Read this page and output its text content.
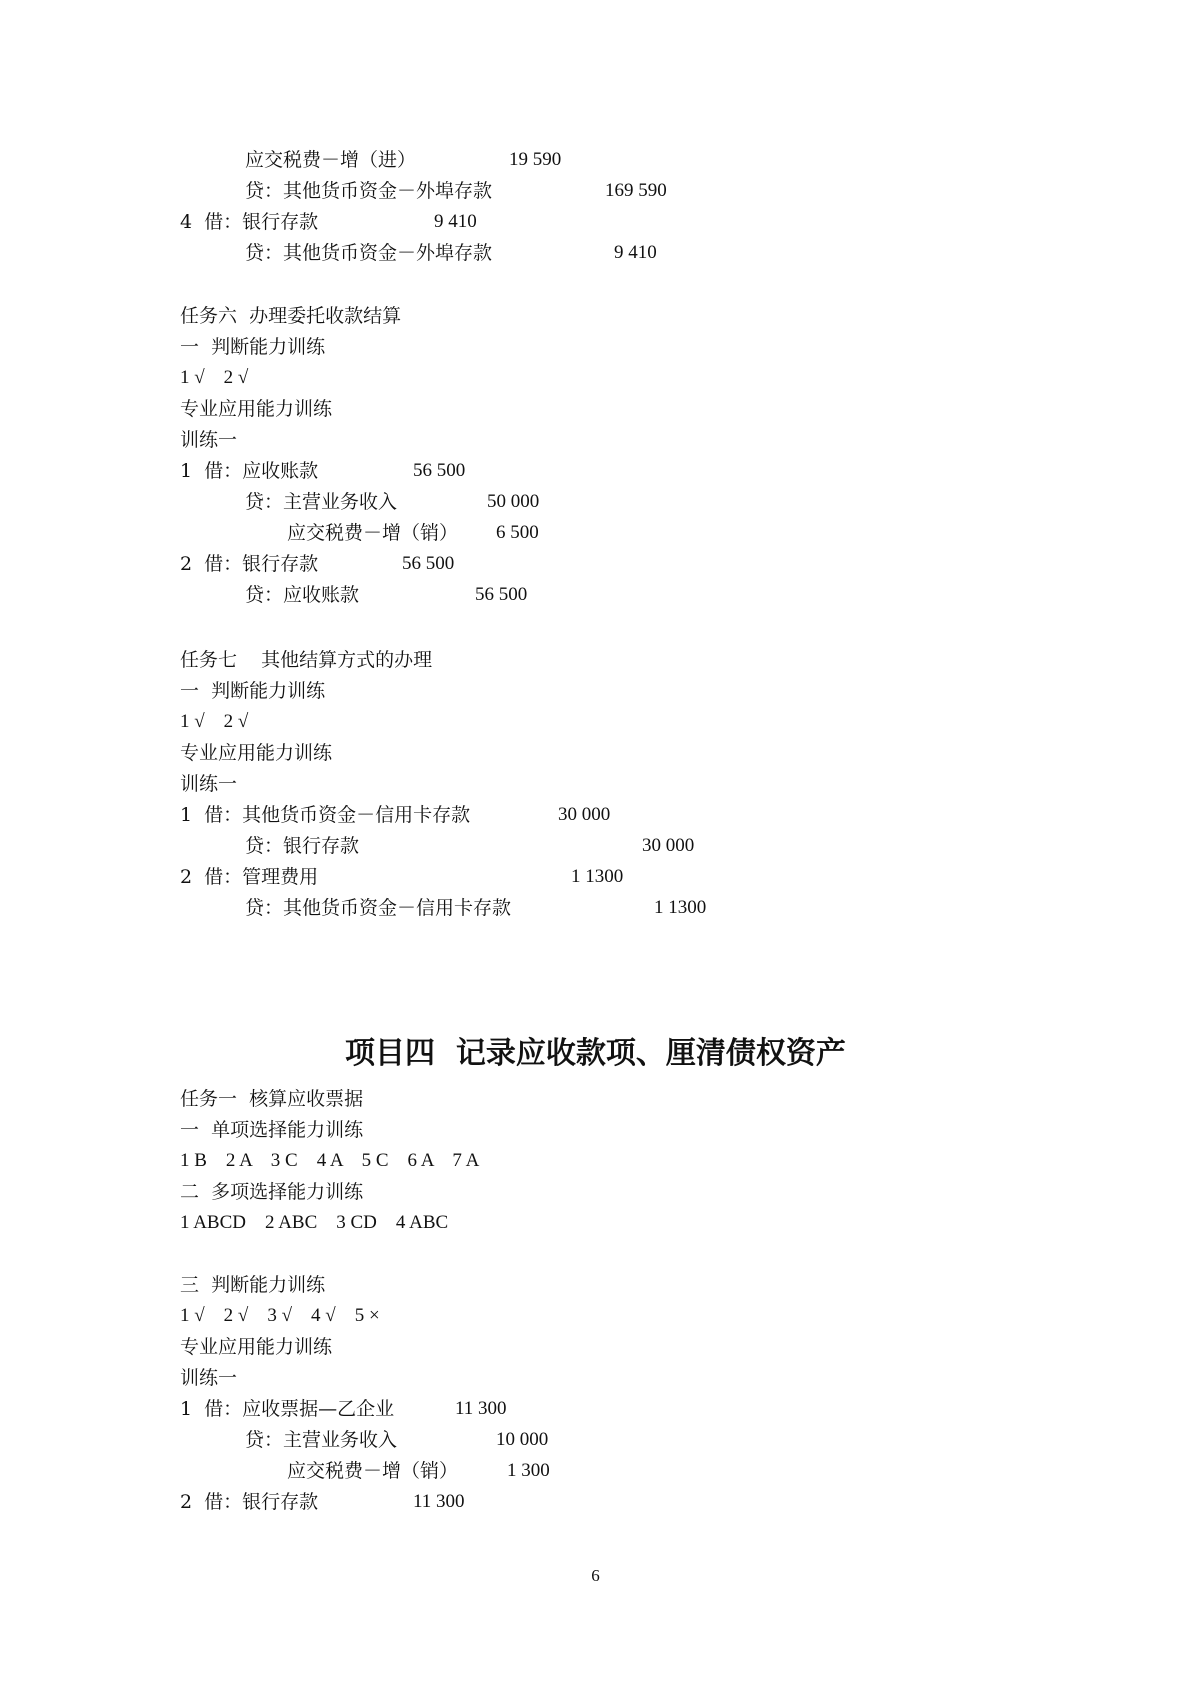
应交税费－增（进）	19 590
贷：其他货币资金－外埠存款	169 590
4  借：银行存款	9 410
贷：其他货币资金－外埠存款	9 410
任务六  办理委托收款结算
一  判断能力训练
1 √    2 √
专业应用能力训练
训练一
1  借：应收账款	56 500
贷：主营业务收入	50 000
应交税费－增（销） 6 500
2  借：银行存款	56 500
贷：应收账款	56 500
任务七    其他结算方式的办理
一  判断能力训练
1 √    2 √
专业应用能力训练
训练一
1  借：其他货币资金－信用卡存款	30 000
贷：银行存款	30 000
2  借：管理费用	1 1300
贷：其他货币资金－信用卡存款	1 1300
项目四  记录应收款项、厘清债权资产
任务一  核算应收票据
一  单项选择能力训练
1 B    2 A    3 C    4 A    5 C    6 A    7 A
二  多项选择能力训练
1 ABCD    2 ABC    3 CD    4 ABC
三  判断能力训练
1 √    2 √    3 √    4 √    5 ×
专业应用能力训练
训练一
1  借：应收票据—乙企业	11 300
贷：主营业务收入	10 000
应交税费－增（销）	1 300
2  借：银行存款	11 300
6
